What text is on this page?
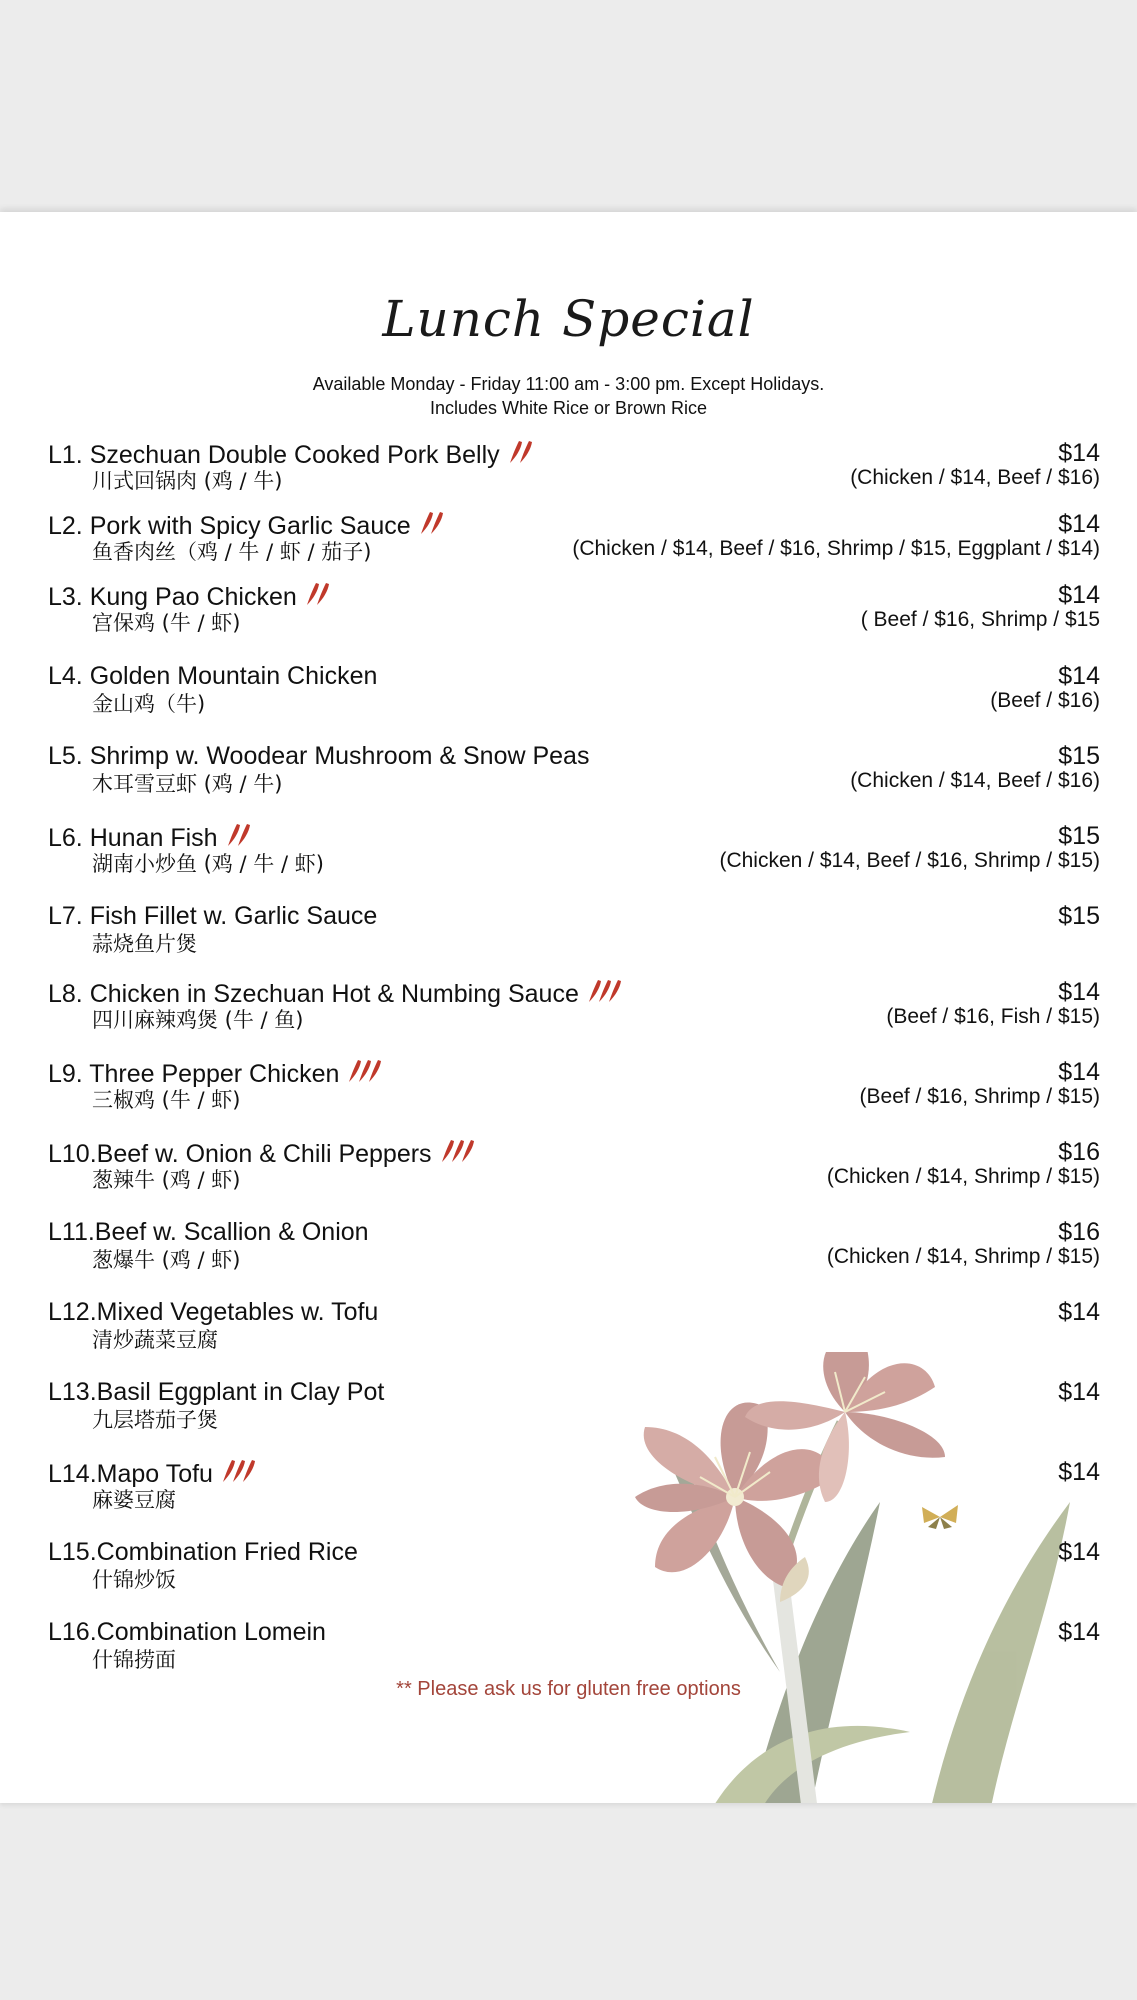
Lunch Special
Available Monday - Friday 11:00 am - 3:00 pm. Except Holidays.
Includes White Rice or Brown Rice
L1. Szechuan Double Cooked Pork Belly
川式回锅肉 (鸡 / 牛)
$14
(Chicken / $14, Beef / $16)
L2. Pork with Spicy Garlic Sauce
鱼香肉丝（鸡 / 牛 / 虾 / 茄子)
$14
(Chicken / $14, Beef / $16, Shrimp / $15, Eggplant / $14)
L3. Kung Pao Chicken
宫保鸡 (牛 / 虾)
$14
( Beef / $16, Shrimp / $15
L4. Golden Mountain Chicken
金山鸡（牛)
$14
(Beef / $16)
L5. Shrimp w. Woodear Mushroom & Snow Peas
木耳雪豆虾 (鸡 / 牛)
$15
(Chicken / $14, Beef / $16)
L6. Hunan Fish
湖南小炒鱼 (鸡 / 牛 / 虾)
$15
(Chicken / $14, Beef / $16, Shrimp / $15)
L7. Fish Fillet w. Garlic Sauce
蒜烧鱼片煲
$15
L8. Chicken in Szechuan Hot & Numbing Sauce
四川麻辣鸡煲 (牛 / 鱼)
$14
(Beef / $16, Fish / $15)
L9. Three Pepper Chicken
三椒鸡 (牛 / 虾)
$14
(Beef / $16, Shrimp / $15)
L10.Beef w. Onion & Chili Peppers
葱辣牛 (鸡 / 虾)
$16
(Chicken / $14, Shrimp / $15)
L11.Beef w. Scallion & Onion
葱爆牛 (鸡 / 虾)
$16
(Chicken / $14, Shrimp / $15)
L12.Mixed Vegetables w. Tofu
清炒蔬菜豆腐
$14
L13.Basil Eggplant in Clay Pot
九层塔茄子煲
$14
L14.Mapo Tofu
麻婆豆腐
$14
L15.Combination Fried Rice
什锦炒饭
$14
L16.Combination Lomein
什锦捞面
$14
** Please ask us for gluten free options
